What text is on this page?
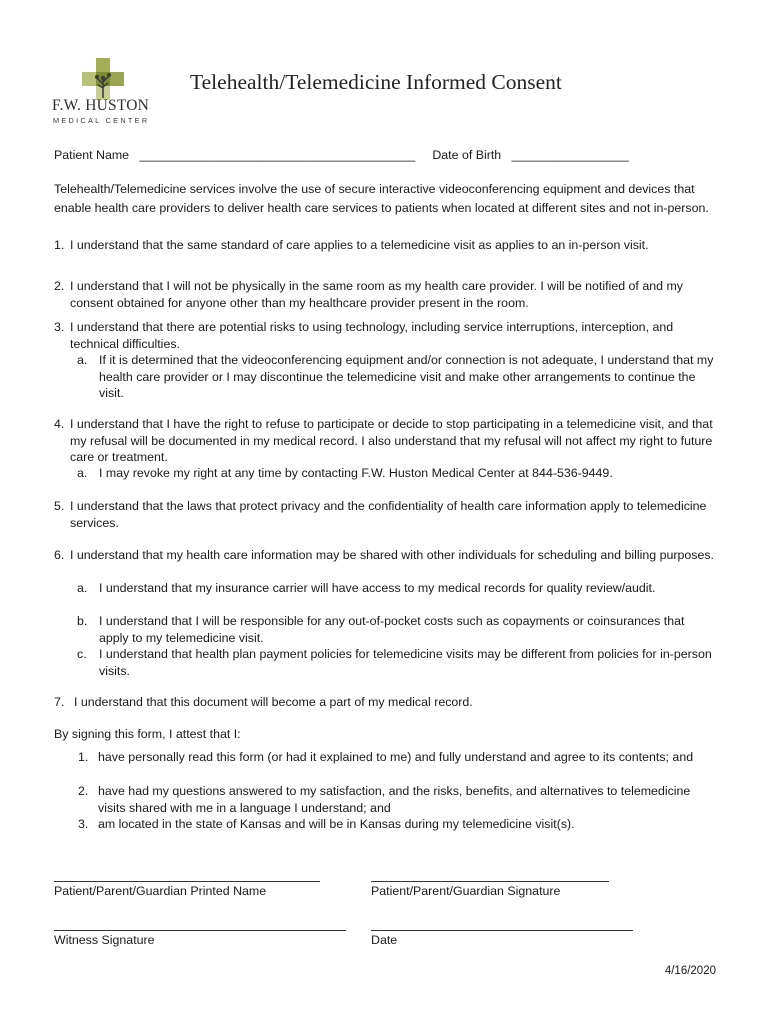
F.W. HUSTON
MEDICAL CENTER
Telehealth/Telemedicine Informed Consent
Patient Name ________________________________________ Date of Birth _________________
Telehealth/Telemedicine services involve the use of secure interactive videoconferencing equipment and devices that enable health care providers to deliver health care services to patients when located at different sites and not in-person.
1. I understand that the same standard of care applies to a telemedicine visit as applies to an in-person visit.
2. I understand that I will not be physically in the same room as my health care provider. I will be notified of and my consent obtained for anyone other than my healthcare provider present in the room.
3. I understand that there are potential risks to using technology, including service interruptions, interception, and technical difficulties.
a. If it is determined that the videoconferencing equipment and/or connection is not adequate, I understand that my health care provider or I may discontinue the telemedicine visit and make other arrangements to continue the visit.
4. I understand that I have the right to refuse to participate or decide to stop participating in a telemedicine visit, and that my refusal will be documented in my medical record. I also understand that my refusal will not affect my right to future care or treatment.
a. I may revoke my right at any time by contacting F.W. Huston Medical Center at 844-536-9449.
5. I understand that the laws that protect privacy and the confidentiality of health care information apply to telemedicine services.
6. I understand that my health care information may be shared with other individuals for scheduling and billing purposes.
a. I understand that my insurance carrier will have access to my medical records for quality review/audit.
b. I understand that I will be responsible for any out-of-pocket costs such as copayments or coinsurances that apply to my telemedicine visit.
c. I understand that health plan payment policies for telemedicine visits may be different from policies for in-person visits.
7. I understand that this document will become a part of my medical record.
By signing this form, I attest that I:
1. have personally read this form (or had it explained to me) and fully understand and agree to its contents; and
2. have had my questions answered to my satisfaction, and the risks, benefits, and alternatives to telemedicine visits shared with me in a language I understand; and
3. am located in the state of Kansas and will be in Kansas during my telemedicine visit(s).
Patient/Parent/Guardian Printed Name	Patient/Parent/Guardian Signature
Witness Signature	Date
4/16/2020
